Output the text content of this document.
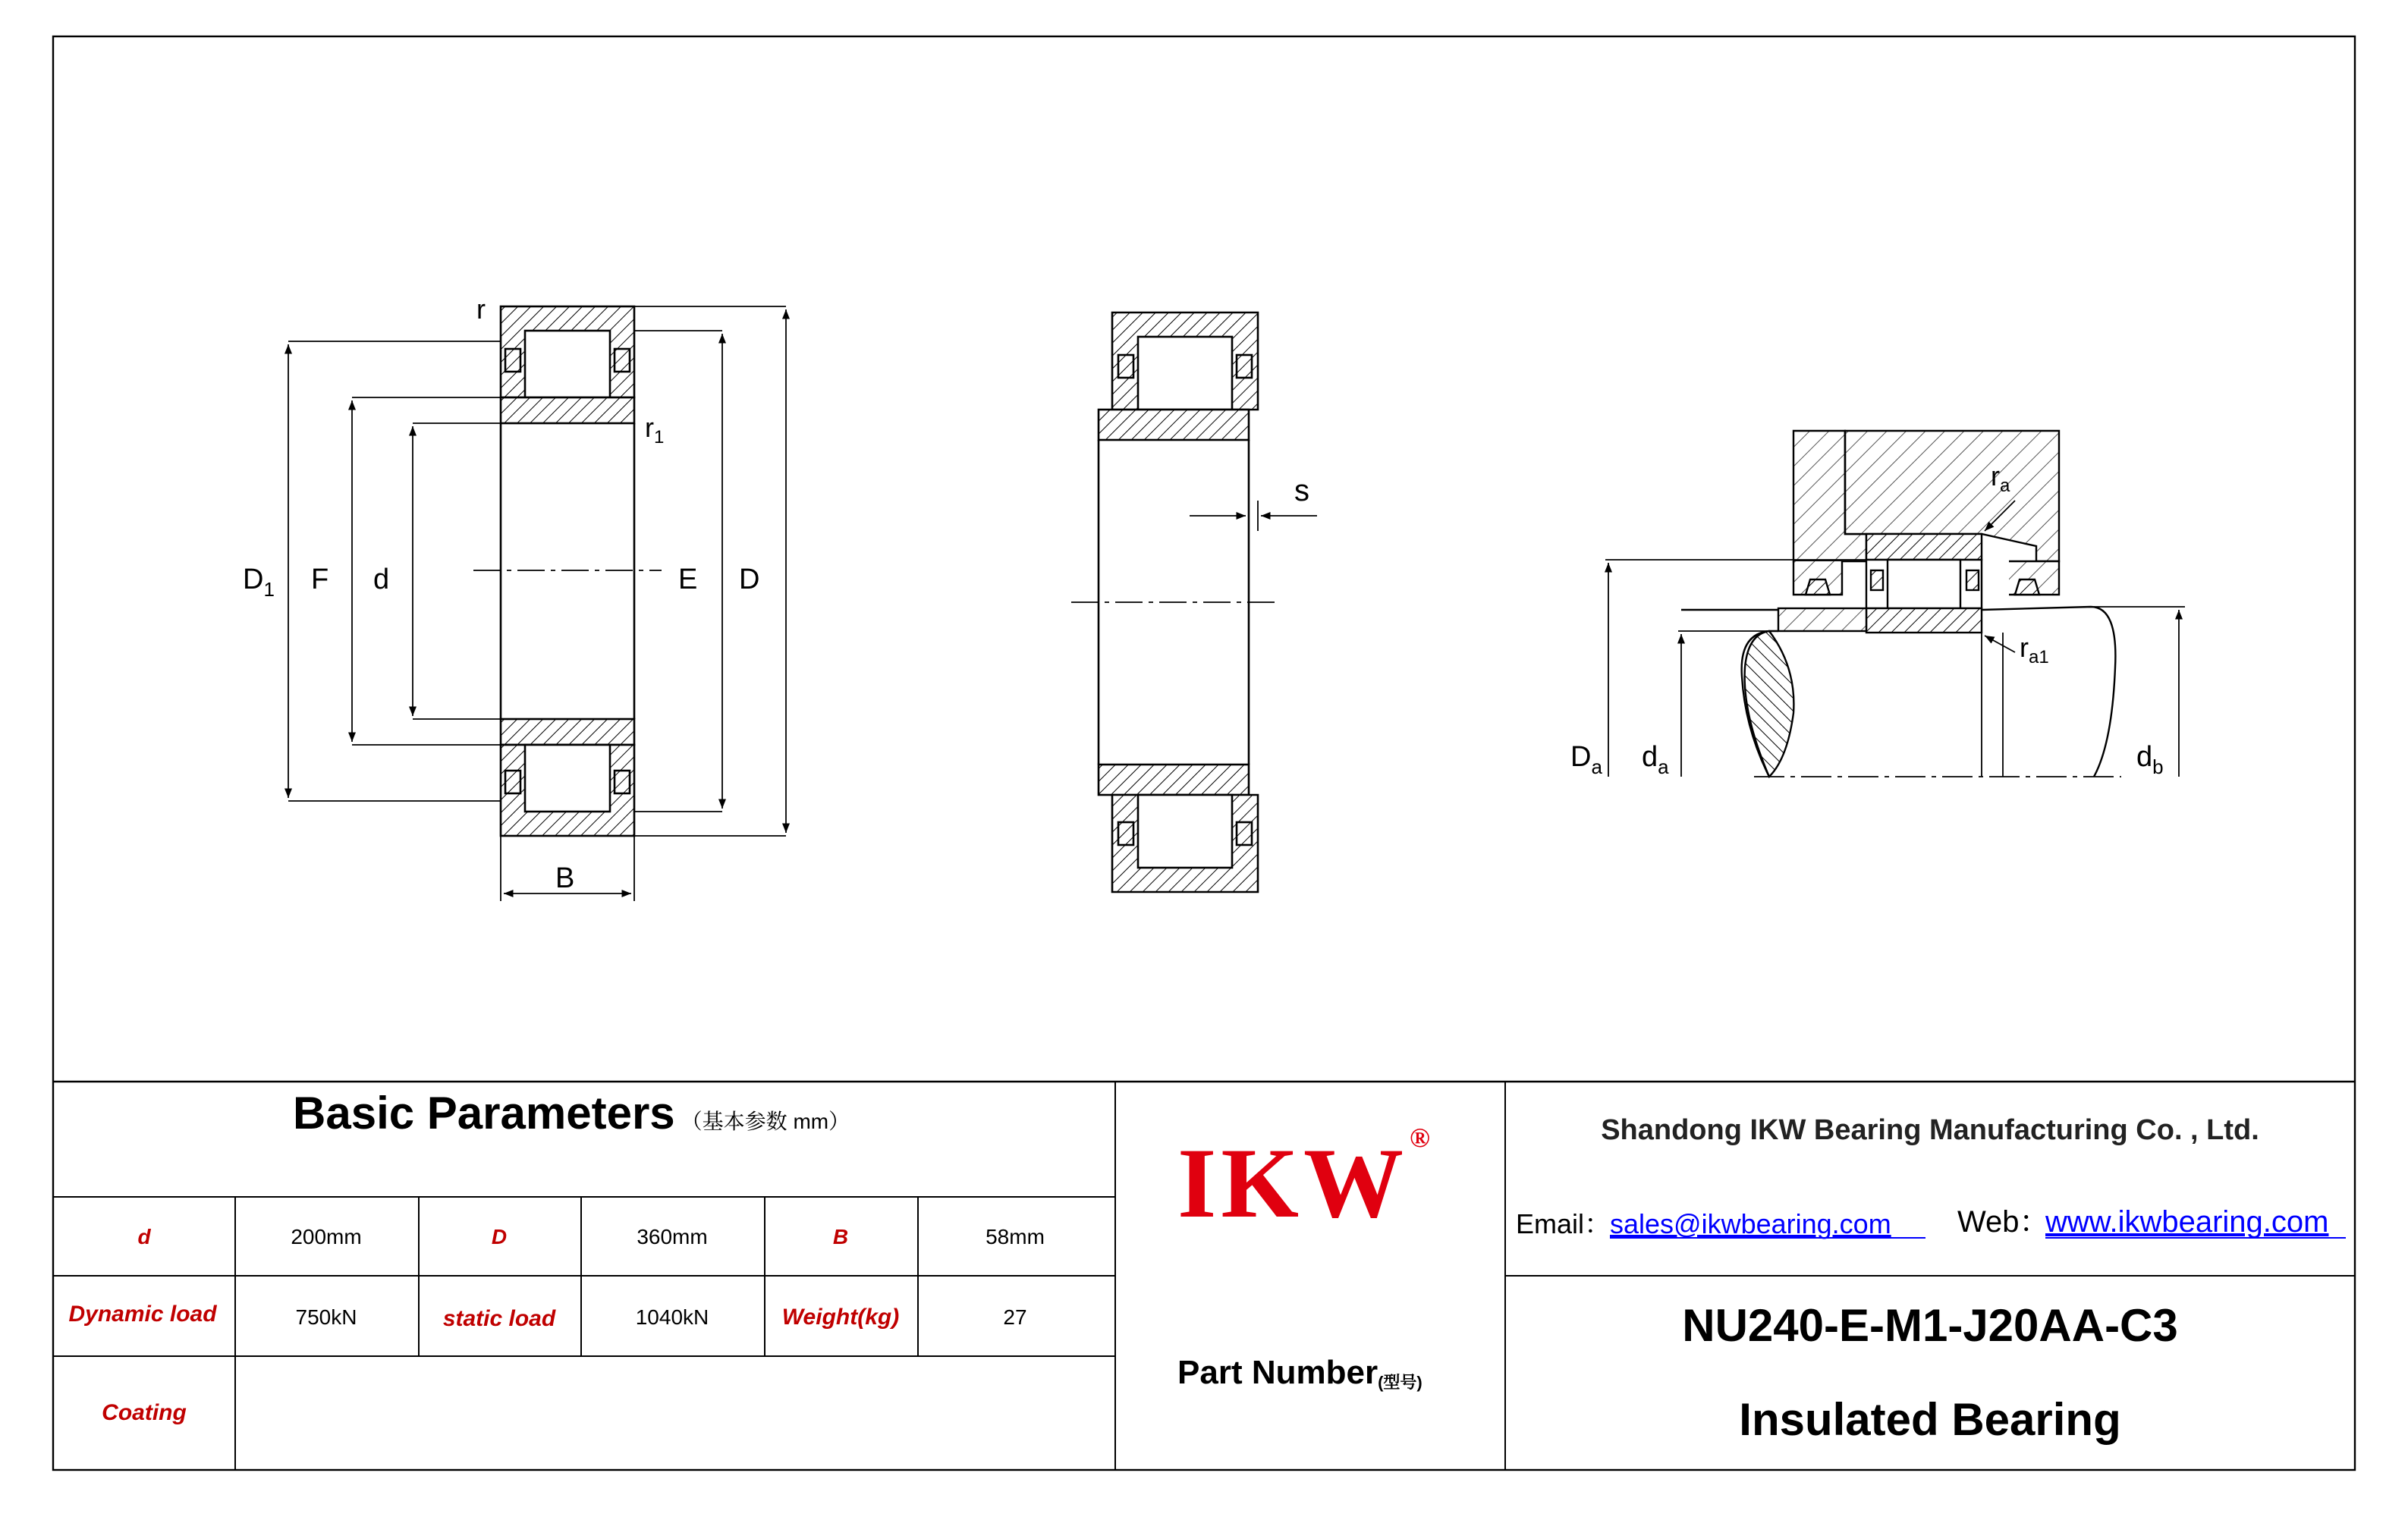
r
$r_1$
$D_1$	F	d	E	D
B
s	$r_a$
$r_{a1}$
$D_a$	$d_a$	$d_b$
Basic Parameters （基本参数 mm）
d	200mm	D	360mm	B	58mm
Dynamic load	750kN	static load	1040kN	Weight(kg)	27
Coating
IKW ®
Part Number(型号)
Shandong IKW Bearing Manufacturing Co. , Ltd.
Email：
sales@ikwbearing.com	Web：
www.ikwbearing.com
NU240-E-M1-J20AA-C3
Insulated Bearing
